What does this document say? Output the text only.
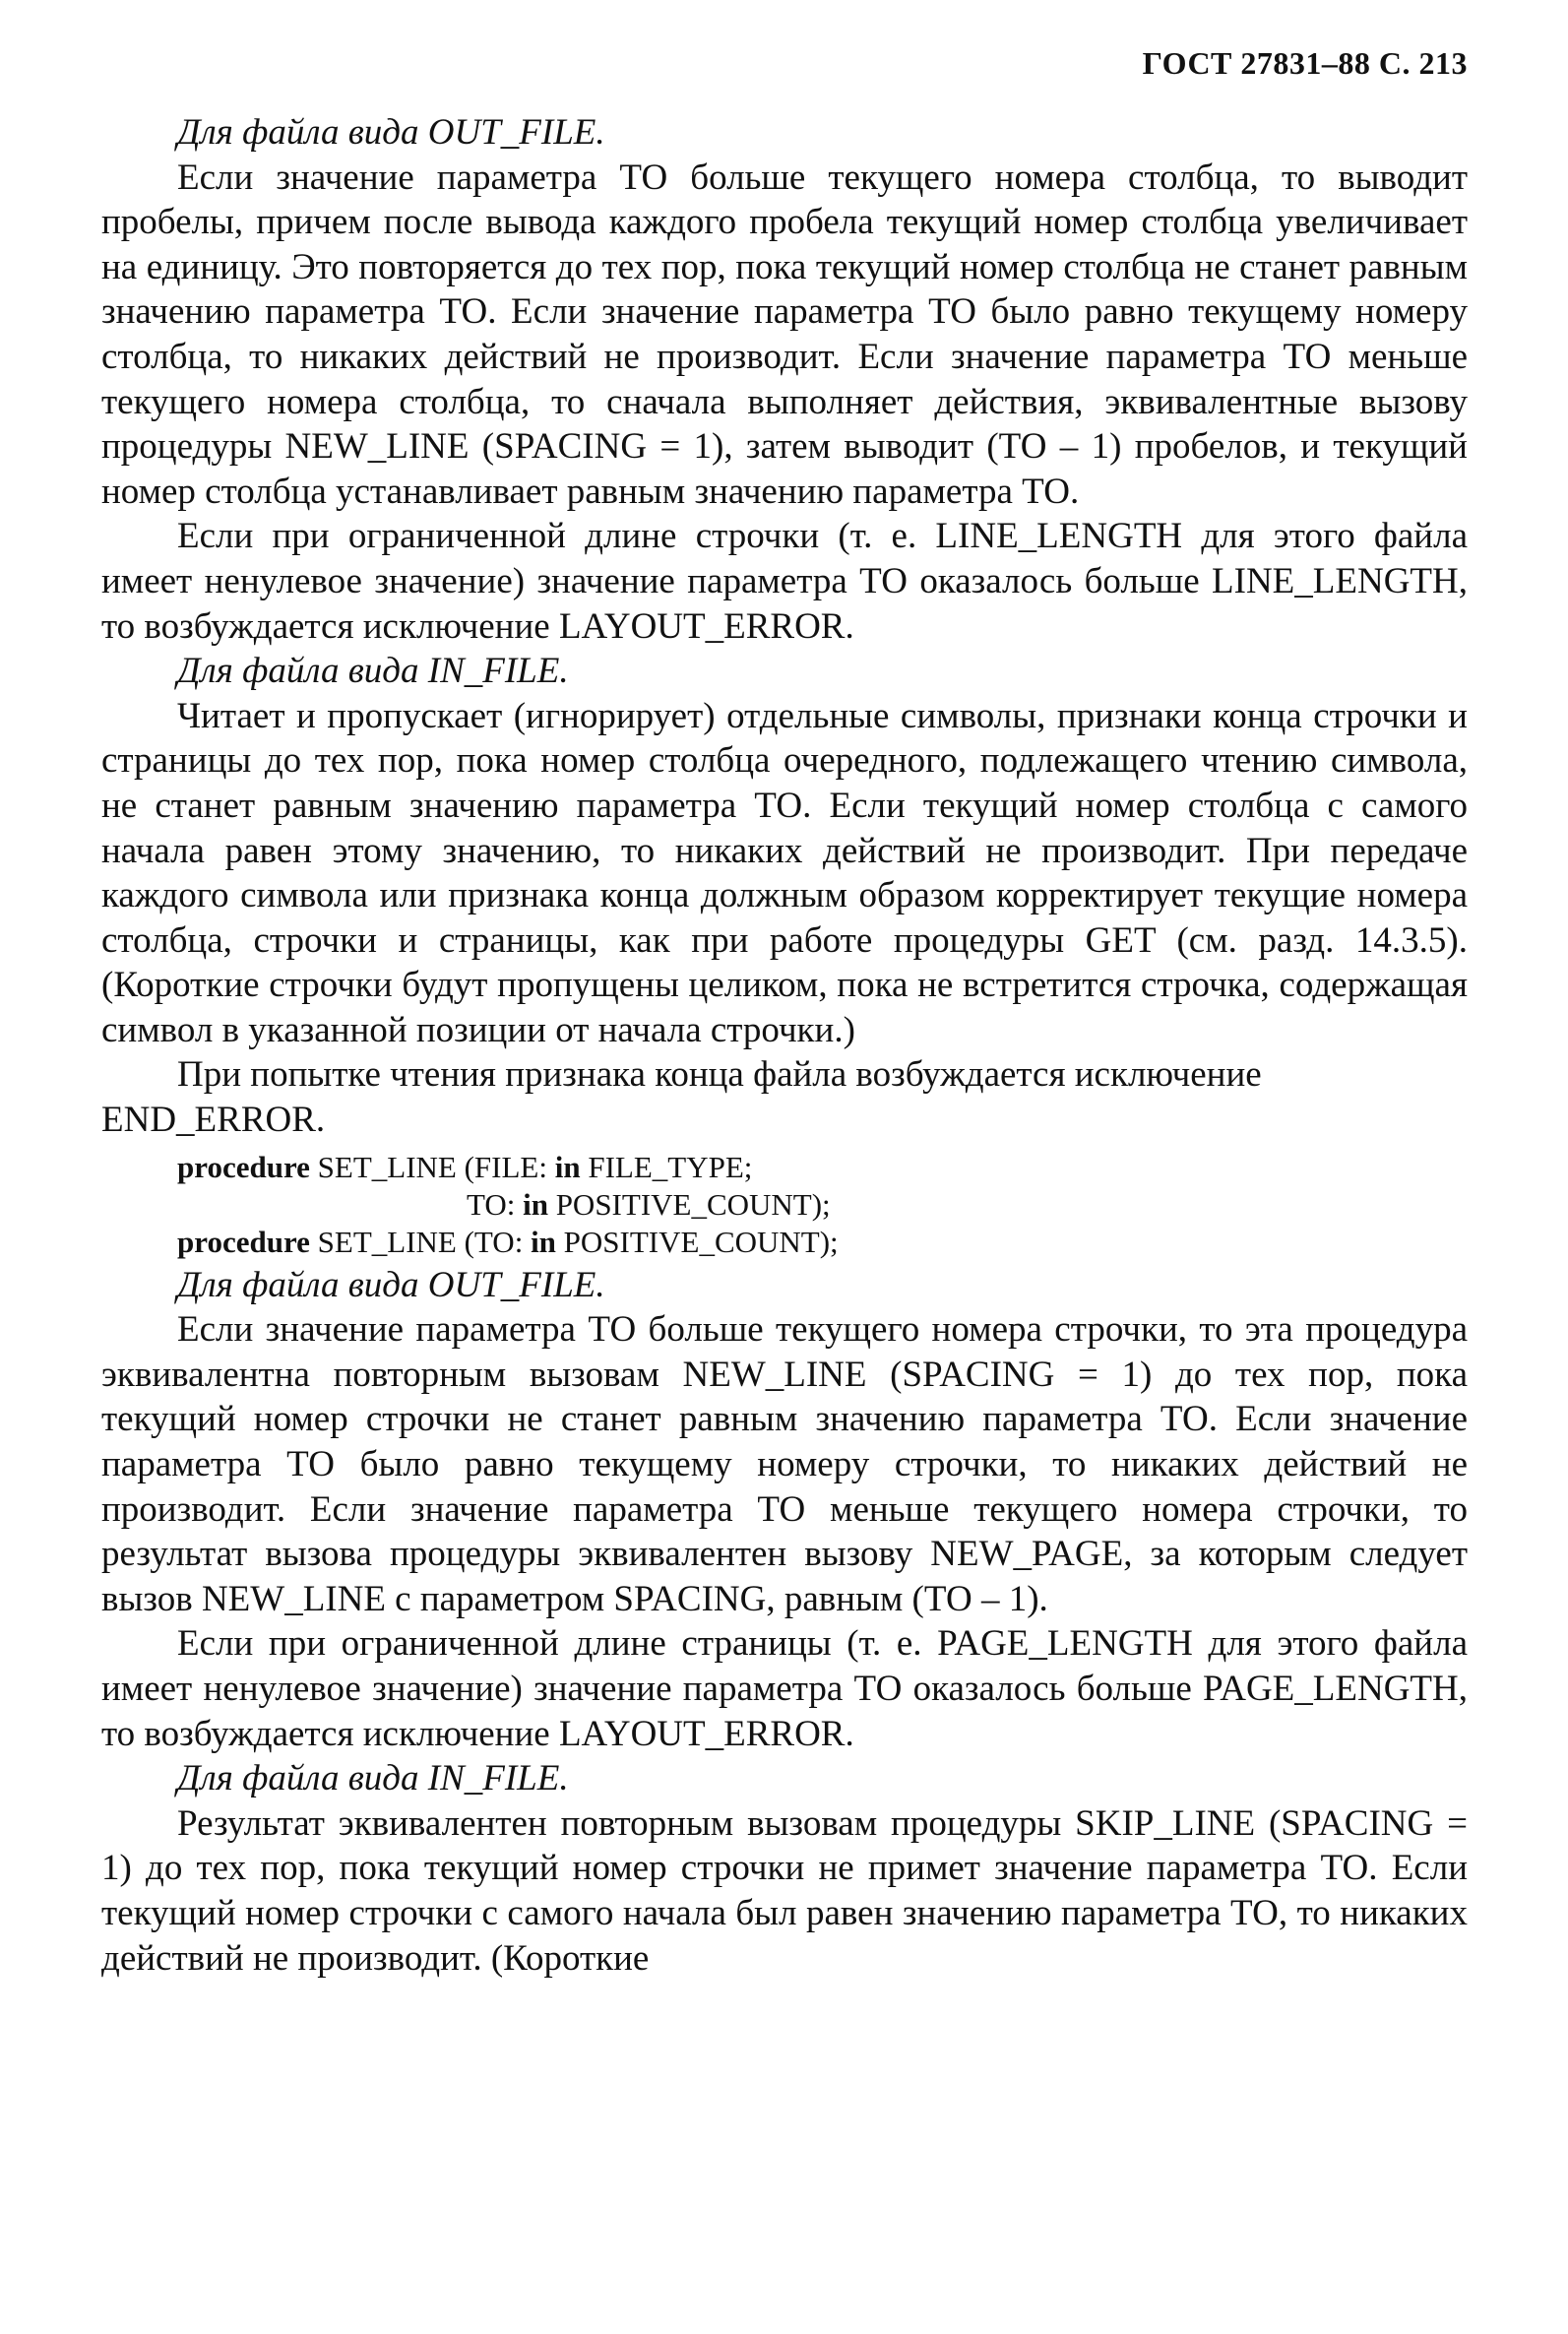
ГОСТ 27831–88 С. 213

Для файла вида OUT_FILE.

Если значение параметра ТО больше текущего номера столбца, то выводит пробелы, причем после вывода каждого пробела текущий номер столбца увеличивает на единицу. Это повторяется до тех пор, пока текущий номер столбца не станет равным значению параметра ТО. Если значение параметра ТО было равно текущему номеру столбца, то никаких действий не производит. Если значение параметра ТО меньше текущего номера столбца, то сначала выполняет действия, эквивалентные вызову процедуры NEW_LINE (SPACING = 1), затем выводит (ТО – 1) пробелов, и текущий номер столбца устанавливает равным значению параметра ТО.

Если при ограниченной длине строчки (т. е. LINE_LENGTH для этого файла имеет ненулевое значение) значение параметра ТО оказалось больше LINE_LENGTH, то возбуждается исключение LAYOUT_ERROR.

Для файла вида IN_FILE.

Читает и пропускает (игнорирует) отдельные символы, признаки конца строчки и страницы до тех пор, пока номер столбца очередного, подлежащего чтению символа, не станет равным значению параметра ТО. Если текущий номер столбца с самого начала равен этому значению, то никаких действий не производит. При передаче каждого символа или признака конца должным образом корректирует текущие номера столбца, строчки и страницы, как при работе процедуры GET (см. разд. 14.3.5). (Короткие строчки будут пропущены целиком, пока не встретится строчка, содержащая символ в указанной позиции от начала строчки.)

При попытке чтения признака конца файла возбуждается исключение

END_ERROR.

procedure SET_LINE (FILE: in FILE_TYPE;
TO: in POSITIVE_COUNT);
procedure SET_LINE (TO: in POSITIVE_COUNT);

Для файла вида OUT_FILE.

Если значение параметра ТО больше текущего номера строчки, то эта процедура эквивалентна повторным вызовам NEW_LINE (SPACING = 1) до тех пор, пока текущий номер строчки не станет равным значению параметра ТО. Если значение параметра ТО было равно текущему номеру строчки, то никаких действий не производит. Если значение параметра ТО меньше текущего номера строчки, то результат вызова процедуры эквивалентен вызову NEW_PAGE, за которым следует вызов NEW_LINE с параметром SPACING, равным (ТО – 1).

Если при ограниченной длине страницы (т. е. PAGE_LENGTH для этого файла имеет ненулевое значение) значение параметра ТО оказалось больше PAGE_LENGTH, то возбуждается исключение LAYOUT_ERROR.

Для файла вида IN_FILE.

Результат эквивалентен повторным вызовам процедуры SKIP_LINE (SPACING = 1) до тех пор, пока текущий номер строчки не примет значение параметра ТО. Если текущий номер строчки с самого начала был равен значению параметра ТО, то никаких действий не производит. (Короткие
